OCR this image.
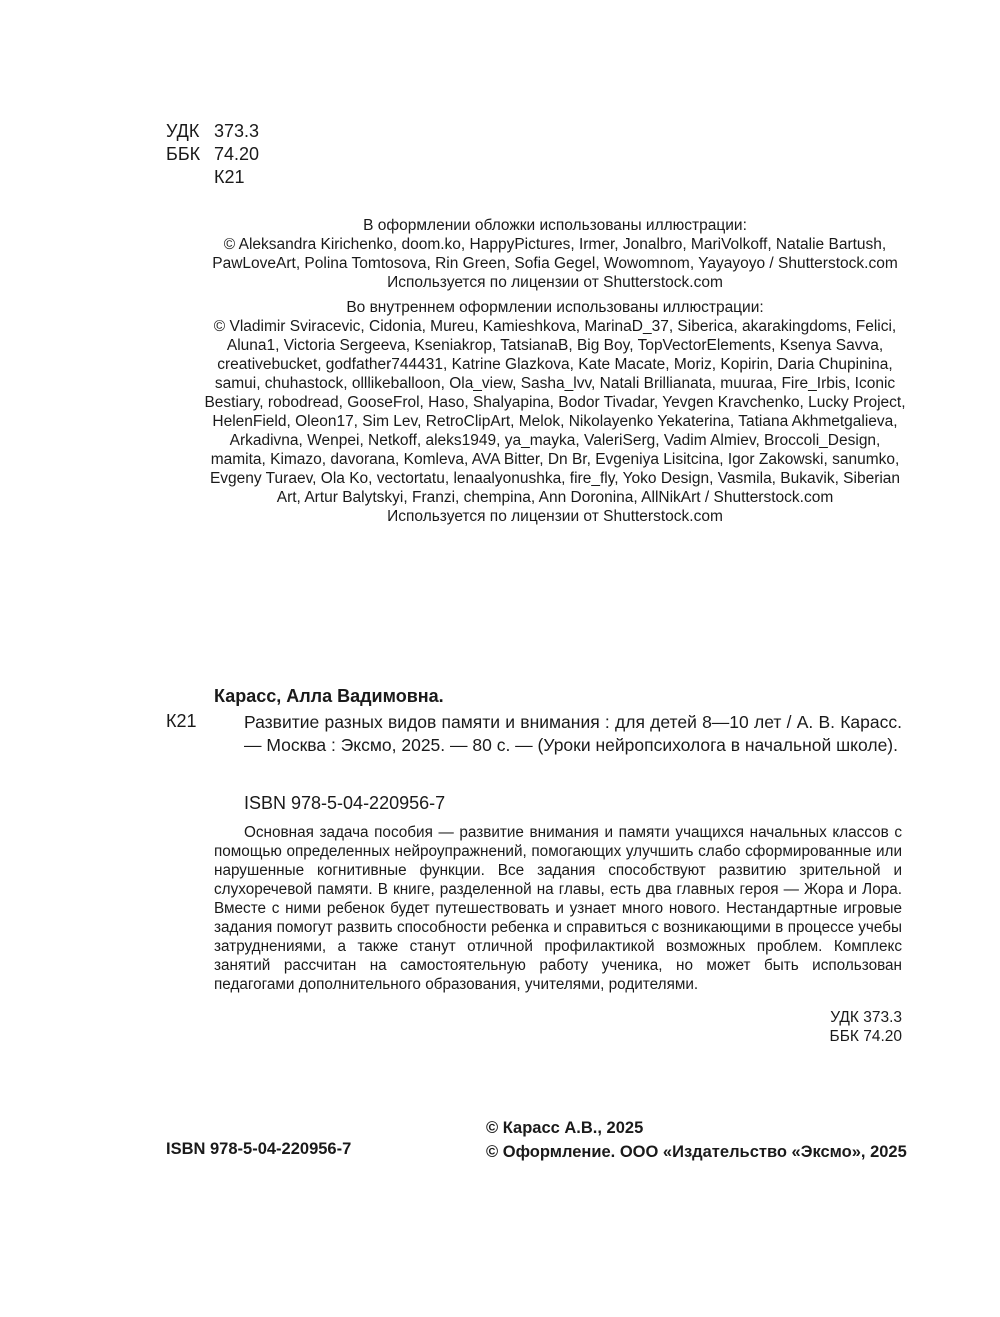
УДК 373.3
ББК 74.20
К21

В оформлении обложки использованы иллюстрации:

© Aleksandra Kirichenko, doom.ko, HappyPictures, Irmer, Jonalbro, MariVolkoff, Natalie Bartush,

PawLoveArt, Polina Tomtosova, Rin Green, Sofia Gegel, Wowomnom, Yayayoyo / Shutterstock.com

Используется по лицензии от Shutterstock.com

Во внутреннем оформлении использованы иллюстрации:

© Vladimir Sviracevic, Cidonia, Mureu, Kamieshkova, MarinaD_37, Siberica, akarakingdoms, Felici,

Aluna1, Victoria Sergeeva, Kseniakrop, TatsianaB, Big Boy, TopVectorElements, Ksenya Savva,

creativebucket, godfather744431, Katrine Glazkova, Kate Macate, Moriz, Kopirin, Daria Chupinina,

samui, chuhastock, olllikeballoon, Ola_view, Sasha_lvv, Natali Brillianata, muuraa, Fire_Irbis, Iconic

Bestiary, robodread, GooseFrol, Haso, Shalyapina, Bodor Tivadar, Yevgen Kravchenko, Lucky Project,

HelenField, Oleon17, Sim Lev, RetroClipArt, Melok, Nikolayenko Yekaterina, Tatiana Akhmetgalieva,

Arkadivna, Wenpei, Netkoff, aleks1949, ya_mayka, ValeriSerg, Vadim Almiev, Broccoli_Design,

mamita, Kimazo, davorana, Komleva, AVA Bitter, Dn Br, Evgeniya Lisitcina, Igor Zakowski, sanumko,

Evgeny Turaev, Ola Ko, vectortatu, lenaalyonushka, fire_fly, Yoko Design, Vasmila, Bukavik, Siberian

Art, Artur Balytskyi, Franzi, chempina, Ann Doronina, AllNikArt / Shutterstock.com

Используется по лицензии от Shutterstock.com

Карасс, Алла Вадимовна.
К21	Развитие разных видов памяти и внимания : для детей 8—10 лет / А. В. Карасс. — Москва : Эксмо, 2025. — 80 с. — (Уроки нейропсихолога в начальной школе).
ISBN 978-5-04-220956-7

Основная задача пособия — развитие внимания и памяти учащихся начальных классов с помощью определенных нейроупражнений, помогающих улучшить слабо сформированные или нарушенные когнитивные функции. Все задания способствуют развитию зрительной и слухоречевой памяти. В книге, разделенной на главы, есть два главных героя — Жора и Лора. Вместе с ними ребенок будет путешествовать и узнает много нового. Нестандартные игровые задания помогут развить способности ребенка и справиться с возникающими в процессе учебы затруднениями, а также станут отличной профилактикой возможных проблем. Комплекс занятий рассчитан на самостоятельную работу ученика, но может быть использован педагогами дополнительного образования, учителями, родителями.

УДК 373.3
ББК 74.20
ISBN 978-5-04-220956-7
© Карасс А.В., 2025
© Оформление. ООО «Издательство «Эксмо», 2025
